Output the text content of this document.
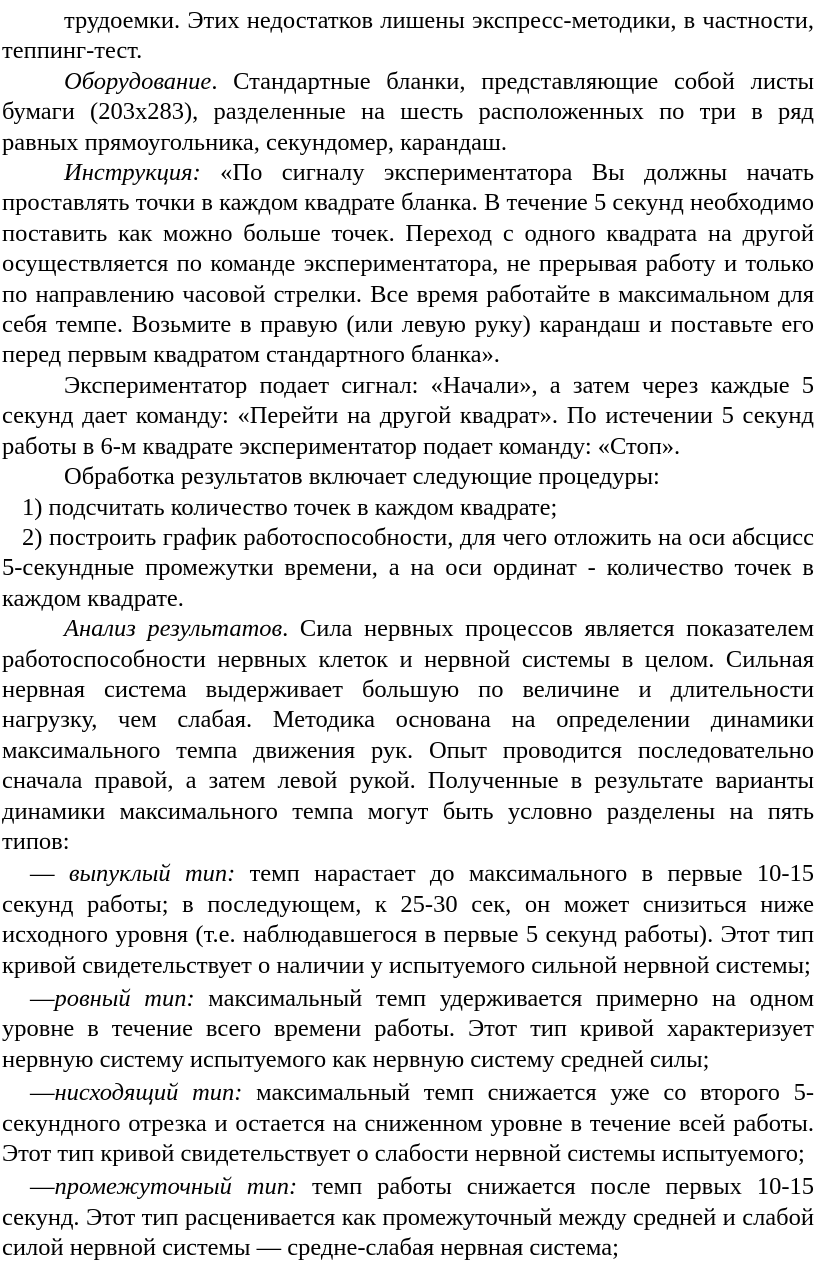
трудоемки. Этих недостатков лишены экспресс-методики, в частности, теппинг-тест.

Оборудование. Стандартные бланки, представляющие собой листы бумаги (203х283), разделенные на шесть расположенных по три в ряд равных прямоугольника, секундомер, карандаш.

Инструкция: «По сигналу экспериментатора Вы должны начать проставлять точки в каждом квадрате бланка. В течение 5 секунд необходимо поставить как можно больше точек. Переход с одного квадрата на другой осуществляется по команде экспериментатора, не прерывая работу и только по направлению часовой стрелки. Все время работайте в максимальном для себя темпе. Возьмите в правую (или левую руку) карандаш и поставьте его перед первым квадратом стандартного бланка».

Экспериментатор подает сигнал: «Начали», а затем через каждые 5 секунд дает команду: «Перейти на другой квадрат». По истечении 5 секунд работы в 6-м квадрате экспериментатор подает команду: «Стоп».

Обработка результатов включает следующие процедуры:

1) подсчитать количество точек в каждом квадрате;

2) построить график работоспособности, для чего отложить на оси абсцисс 5-секундные промежутки времени, а на оси ординат - количество точек в каждом квадрате.

Анализ результатов. Сила нервных процессов является показателем работоспособности нервных клеток и нервной системы в целом. Сильная нервная система выдерживает большую по величине и длительности нагрузку, чем слабая. Методика основана на определении динамики максимального темпа движения рук. Опыт проводится последовательно сначала правой, а затем левой рукой. Полученные в результате варианты динамики максимального темпа могут быть условно разделены на пять типов:

— выпуклый тип: темп нарастает до максимального в первые 10-15 секунд работы; в последующем, к 25-30 сек, он может снизиться ниже исходного уровня (т.е. наблюдавшегося в первые 5 секунд работы). Этот тип кривой свидетельствует о наличии у испытуемого сильной нервной системы;

—ровный тип: максимальный темп удерживается примерно на одном уровне в течение всего времени работы. Этот тип кривой характеризует нервную систему испытуемого как нервную систему средней силы;

—нисходящий тип: максимальный темп снижается уже со второго 5-секундного отрезка и остается на сниженном уровне в течение всей работы. Этот тип кривой свидетельствует о слабости нервной системы испытуемого;

—промежуточный тип: темп работы снижается после первых 10-15 секунд. Этот тип расценивается как промежуточный между средней и слабой силой нервной системы — средне-слабая нервная система;
